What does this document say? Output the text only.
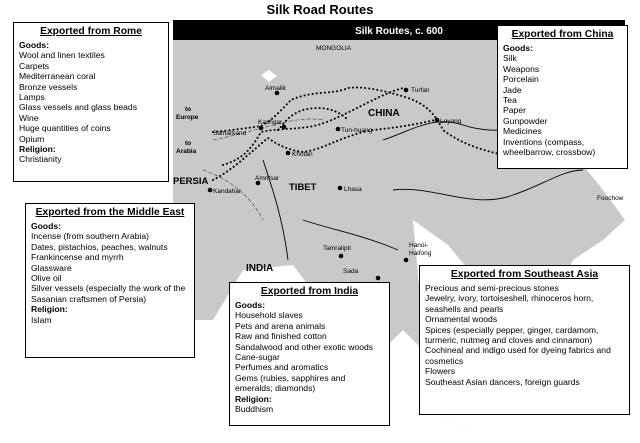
Silk Road Routes
Silk Routes, c. 600
MONGOLIA
CHINA
PERSIA
TIBET
INDIA
to
Europe
to
Arabia
Almalik	Turfan
Samarkand
Kashgar
Tun-huang
Khotan
Loyang
Kandahar
Amritsar
Lhasa
Foochow
Hanoi-
Haifong
Tamralipti
Sada
Exported from Rome
Goods:
Wool and linen textiles
Carpets
Mediterranean coral
Bronze vessels
Lamps
Glass vessels and glass beads
Wine
Huge quantities of coins
Opium
Religion:
Christianity
Exported from China
Goods:
Silk
Weapons
Porcelain
Jade
Tea
Paper
Gunpowder
Medicines
Inventions (compass, wheelbarrow, crossbow)
Exported from the Middle East
Goods:
Incense (from southern Arabia)
Dates, pistachios, peaches, walnuts
Frankincense and myrrh
Glassware
Olive oil
Silver vessels (especially the work of the Sasanian craftsmen of Persia)
Religion:
Islam
Exported from India
Goods:
Household slaves
Pets and arena animals
Raw and finished cotton
Sandalwood and other exotic woods
Cane-sugar
Perfumes and aromatics
Gems (rubies, sapphires and emeralds; diamonds)
Religion:
Buddhism
Exported from Southeast Asia
Precious and semi-precious stones
Jewelry, ivory, tortoiseshell, rhinoceros horn, seashells and pearls
Ornamental woods
Spices (especially pepper, ginger, cardamom, turmeric, nutmeg and cloves and cinnamon)
Cochineal and indigo used for dyeing fabrics and cosmetics
Flowers
Southeast Asian dancers, foreign guards
